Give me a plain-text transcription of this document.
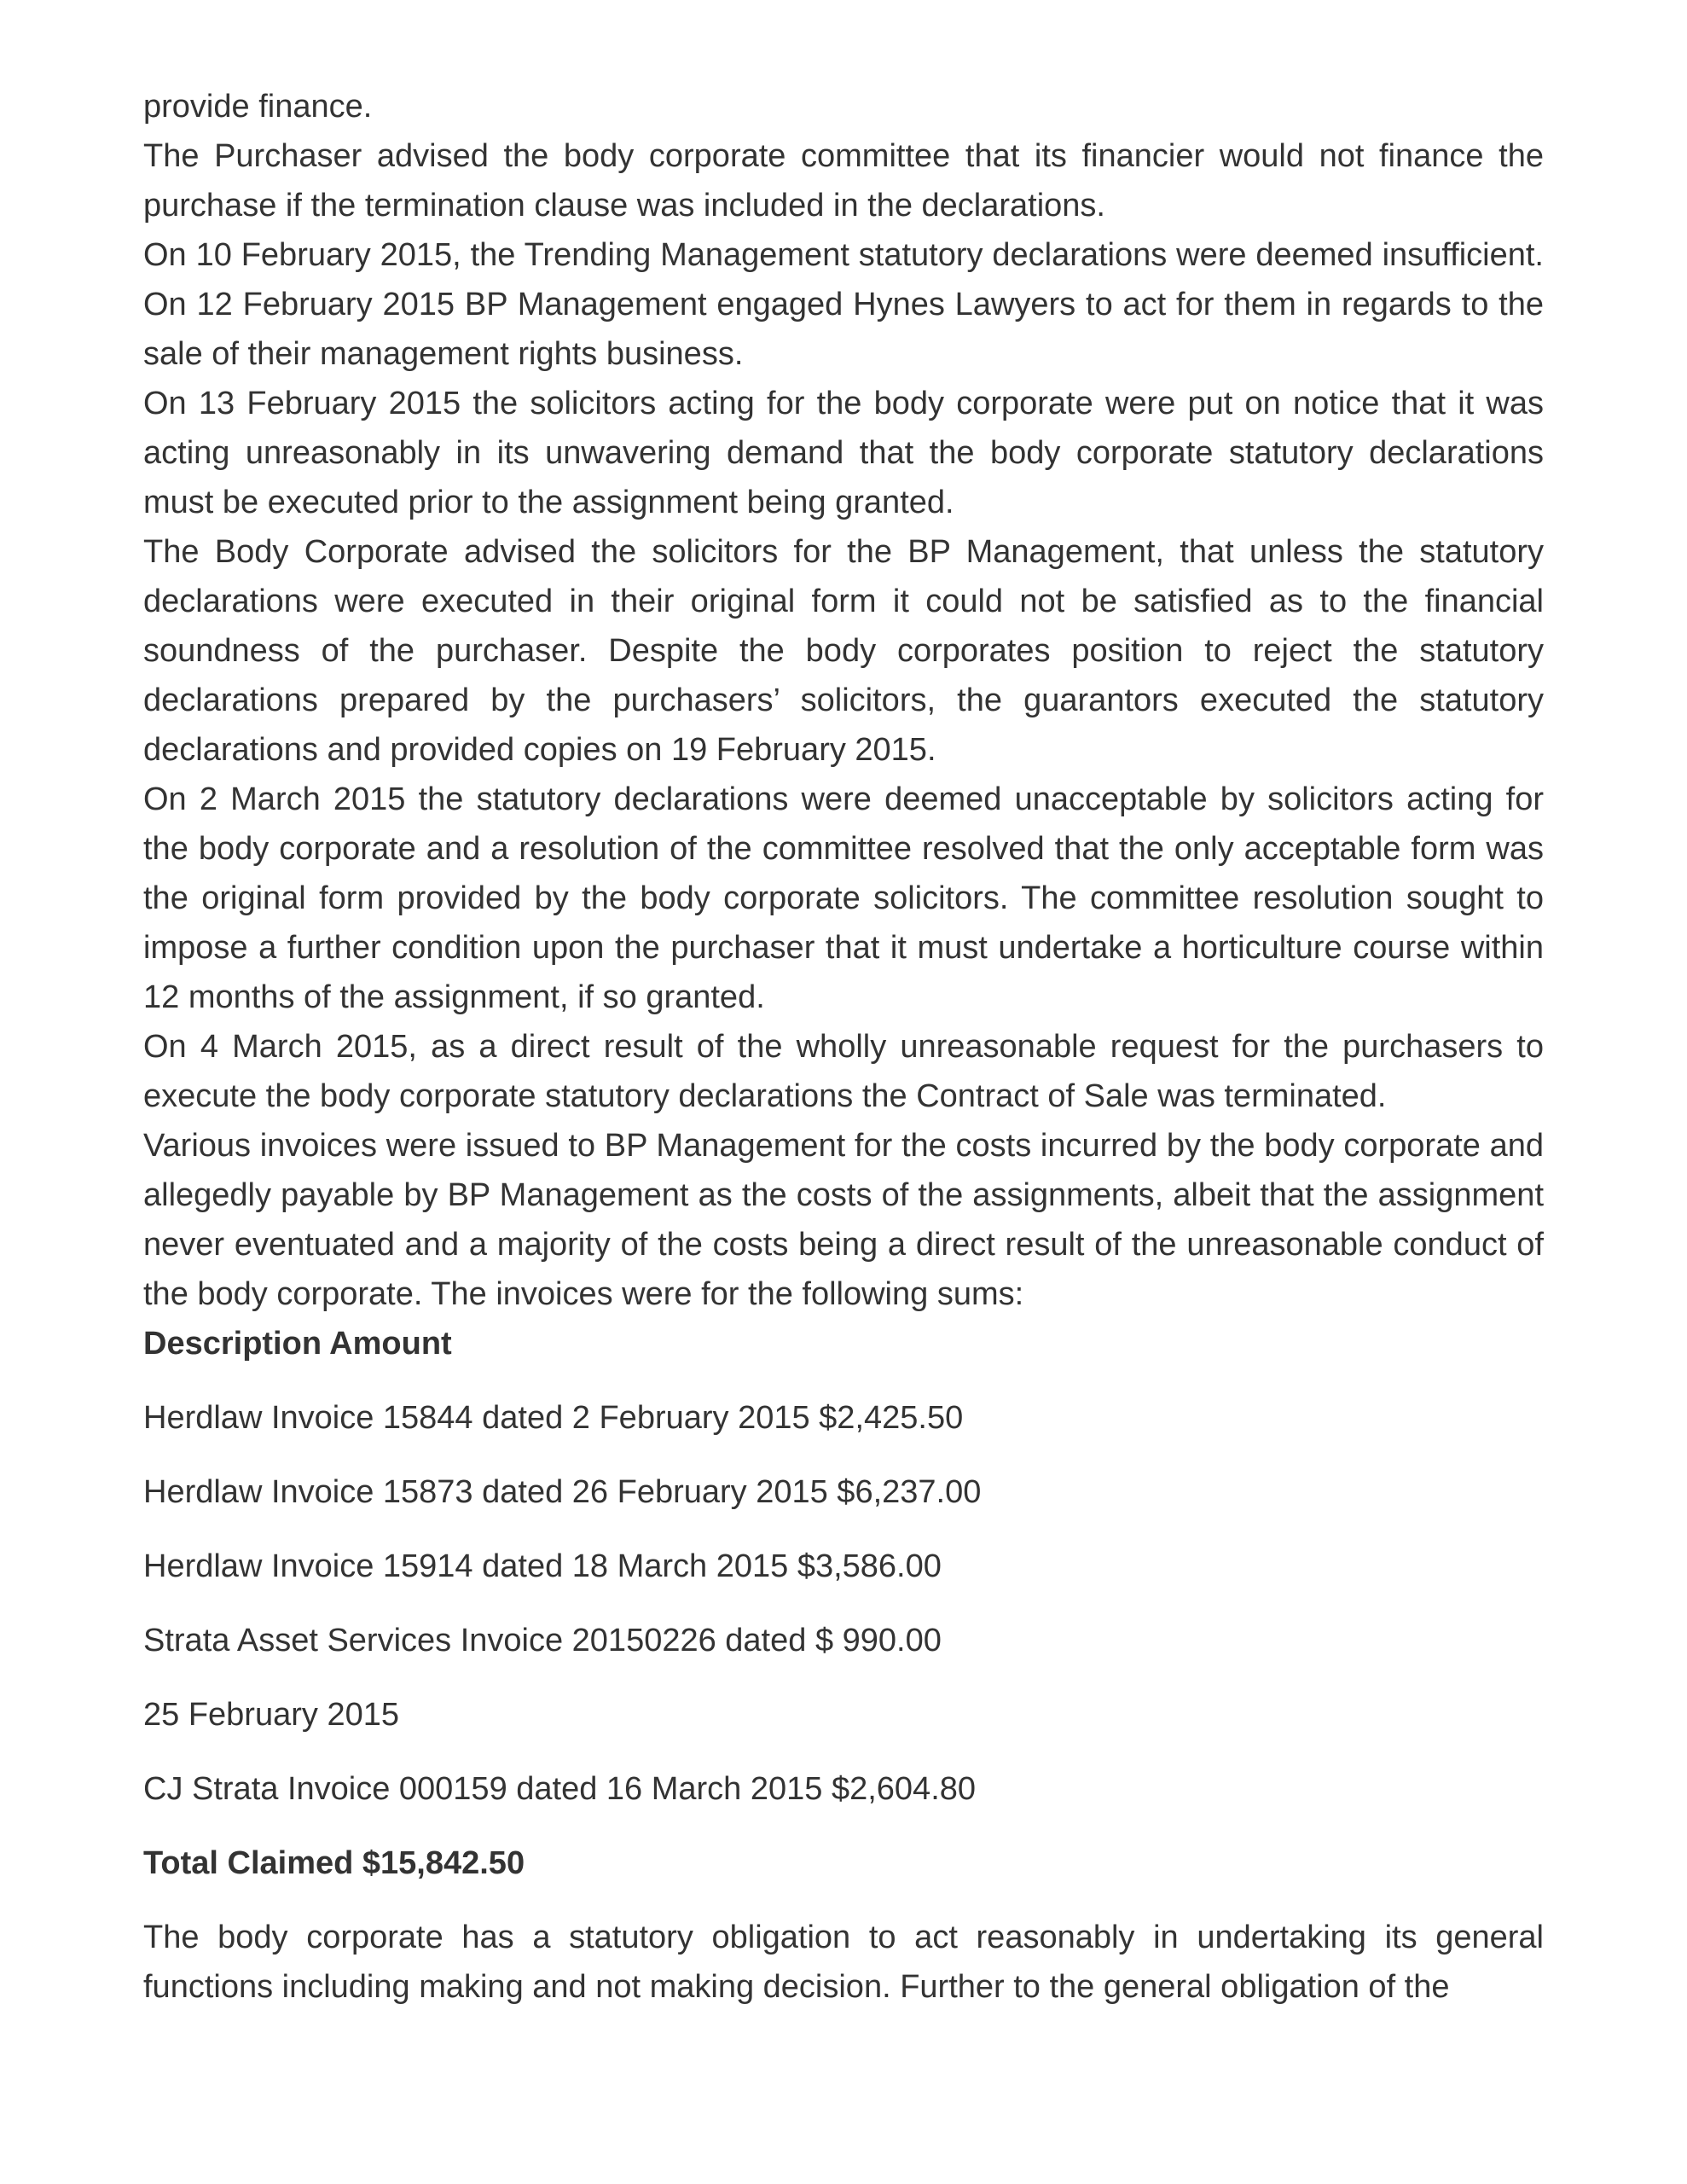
provide finance.

The Purchaser advised the body corporate committee that its financier would not finance the purchase if the termination clause was included in the declarations.

On 10 February 2015, the Trending Management statutory declarations were deemed insufficient. On 12 February 2015 BP Management engaged Hynes Lawyers to act for them in regards to the sale of their management rights business.

On 13 February 2015 the solicitors acting for the body corporate were put on notice that it was acting unreasonably in its unwavering demand that the body corporate statutory declarations must be executed prior to the assignment being granted.

The Body Corporate advised the solicitors for the BP Management, that unless the statutory declarations were executed in their original form it could not be satisfied as to the financial soundness of the purchaser. Despite the body corporates position to reject the statutory declarations prepared by the purchasers’ solicitors, the guarantors executed the statutory declarations and provided copies on 19 February 2015.

On 2 March 2015 the statutory declarations were deemed unacceptable by solicitors acting for the body corporate and a resolution of the committee resolved that the only acceptable form was the original form provided by the body corporate solicitors. The committee resolution sought to impose a further condition upon the purchaser that it must undertake a horticulture course within 12 months of the assignment, if so granted.

On 4 March 2015, as a direct result of the wholly unreasonable request for the purchasers to execute the body corporate statutory declarations the Contract of Sale was terminated.

Various invoices were issued to BP Management for the costs incurred by the body corporate and allegedly payable by BP Management as the costs of the assignments, albeit that the assignment never eventuated and a majority of the costs being a direct result of the unreasonable conduct of the body corporate. The invoices were for the following sums:

Description Amount

Herdlaw Invoice 15844 dated 2 February 2015 $2,425.50
Herdlaw Invoice 15873 dated 26 February 2015 $6,237.00
Herdlaw Invoice 15914 dated 18 March 2015 $3,586.00
Strata Asset Services Invoice 20150226 dated $ 990.00
25 February 2015
CJ Strata Invoice 000159 dated 16 March 2015 $2,604.80

Total Claimed $15,842.50

The body corporate has a statutory obligation to act reasonably in undertaking its general functions including making and not making decision. Further to the general obligation of the
